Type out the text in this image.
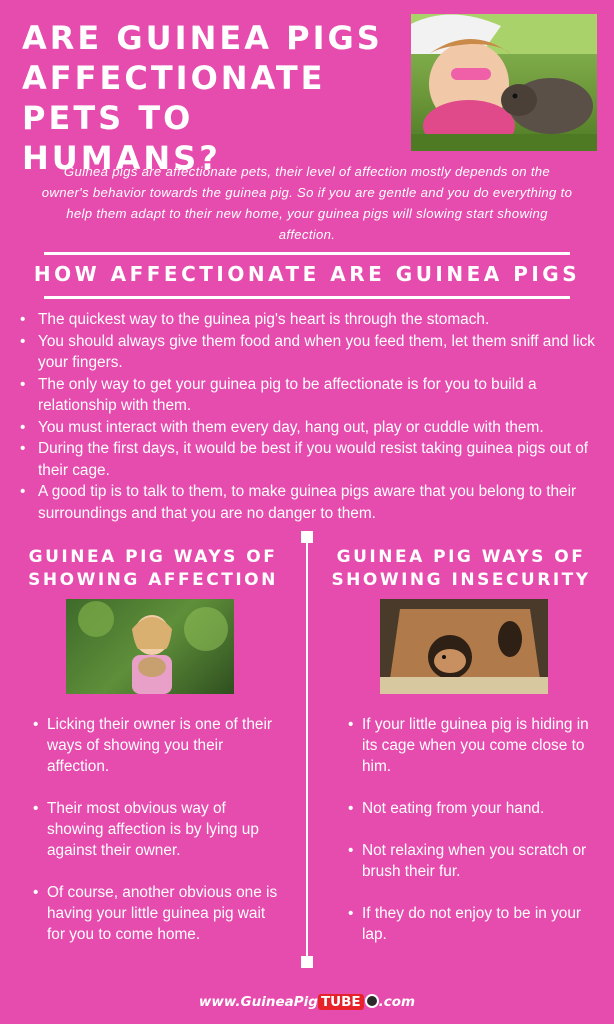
ARE GUINEA PIGS AFFECTIONATE PETS TO HUMANS?

Guinea pigs are affectionate pets, their level of affection mostly depends on the owner's behavior towards the guinea pig. So if you are gentle and you do everything to help them adapt to their new home, your guinea pigs will slowing start showing affection.

HOW AFFECTIONATE ARE GUINEA PIGS
• The quickest way to the guinea pig's heart is through the stomach.
• You should always give them food and when you feed them, let them sniff and lick your fingers.
• The only way to get your guinea pig to be affectionate is for you to build a relationship with them.
• You must interact with them every day, hang out, play or cuddle with them.
• During the first days, it would be best if you would resist taking guinea pigs out of their cage.
• A good tip is to talk to them, to make guinea pigs aware that you belong to their surroundings and that you are no danger to them.
GUINEA PIG WAYS OF SHOWING AFFECTION
GUINEA PIG WAYS OF SHOWING INSECURITY
• Licking their owner is one of their ways of showing you their affection.
• Their most obvious way of showing affection is by lying up against their owner.
• Of course, another obvious one is having your little guinea pig wait for you to come home.
• If your little guinea pig is hiding in its cage when you come close to him.
• Not eating from your hand.
• Not relaxing when you scratch or brush their fur.
• If they do not enjoy to be in your lap.
www.GuineaPig TUBE .com
